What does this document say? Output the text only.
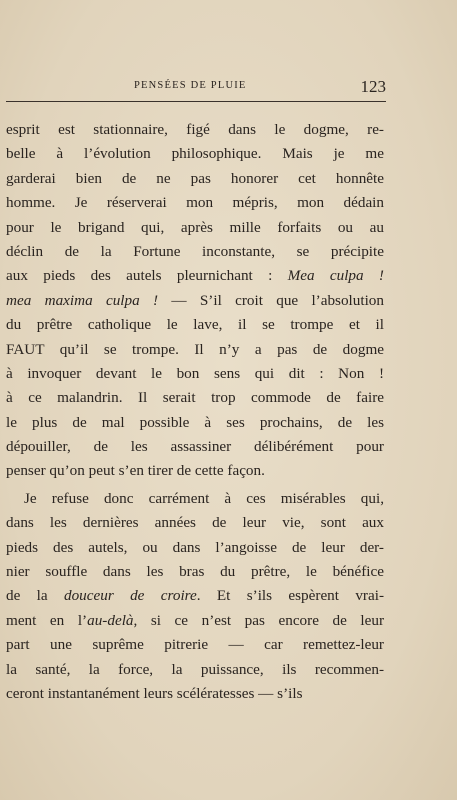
PENSÉES DE PLUIE	123
esprit est stationnaire, figé dans le dogme, re-
belle à l’évolution philosophique. Mais je me
garderai bien de ne pas honorer cet honnête
homme. Je réserverai mon mépris, mon dédain
pour le brigand qui, après mille forfaits ou au
déclin de la Fortune inconstante, se précipite
aux pieds des autels pleurnichant : Mea culpa !
mea maxima culpa ! — S’il croit que l’absolution
du prêtre catholique le lave, il se trompe et il
FAUT qu’il se trompe. Il n’y a pas de dogme
à invoquer devant le bon sens qui dit : Non !
à ce malandrin. Il serait trop commode de faire
le plus de mal possible à ses prochains, de les
dépouiller, de les assassiner délibérément pour
penser qu’on peut s’en tirer de cette façon.
Je refuse donc carrément à ces misérables qui,
dans les dernières années de leur vie, sont aux
pieds des autels, ou dans l’angoisse de leur der-
nier souffle dans les bras du prêtre, le bénéfice
de la douceur de croire. Et s’ils espèrent vrai-
ment en l’au-delà, si ce n’est pas encore de leur
part une suprême pitrerie — car remettez-leur
la santé, la force, la puissance, ils recommen-
ceront instantanément leurs scélératesses — s’ils
